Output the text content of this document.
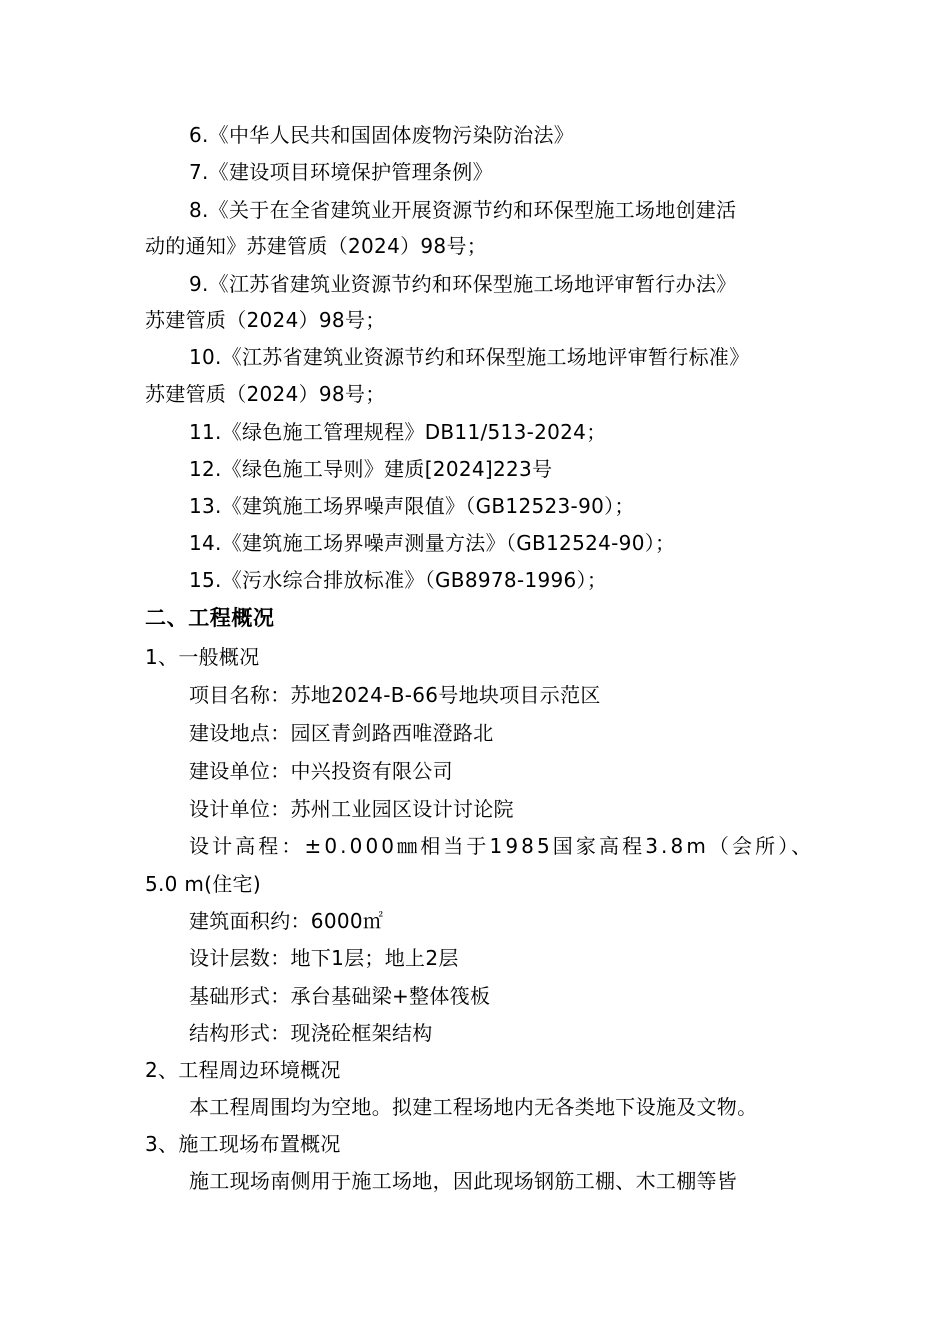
6.《中华人民共和国固体废物污染防治法》
7.《建设项目环境保护管理条例》
8.《关于在全省建筑业开展资源节约和环保型施工场地创建活
动的通知》苏建管质（2024）98号；
9.《江苏省建筑业资源节约和环保型施工场地评审暂行办法》
苏建管质（2024）98号；
10.《江苏省建筑业资源节约和环保型施工场地评审暂行标准》
苏建管质（2024）98号；
11.《绿色施工管理规程》DB11/513-2024；
12.《绿色施工导则》建质[2024]223号
13.《建筑施工场界噪声限值》（GB12523-90）；
14.《建筑施工场界噪声测量方法》（GB12524-90）；
15.《污水综合排放标准》（GB8978-1996）；
二、工程概况
1、一般概况
项目名称：苏地2024-B-66号地块项目示范区
建设地点：园区青剑路西唯澄路北
建设单位：中兴投资有限公司
设计单位：苏州工业园区设计讨论院
设计高程：±0.000㎜相当于1985国家高程3.8m（会所）、
5.0 m(住宅)
建筑面积约：6000㎡
设计层数：地下1层；地上2层
基础形式：承台基础梁+整体筏板
结构形式：现浇砼框架结构
2、工程周边环境概况
本工程周围均为空地。拟建工程场地内无各类地下设施及文物。
3、施工现场布置概况
施工现场南侧用于施工场地，因此现场钢筋工棚、木工棚等皆
